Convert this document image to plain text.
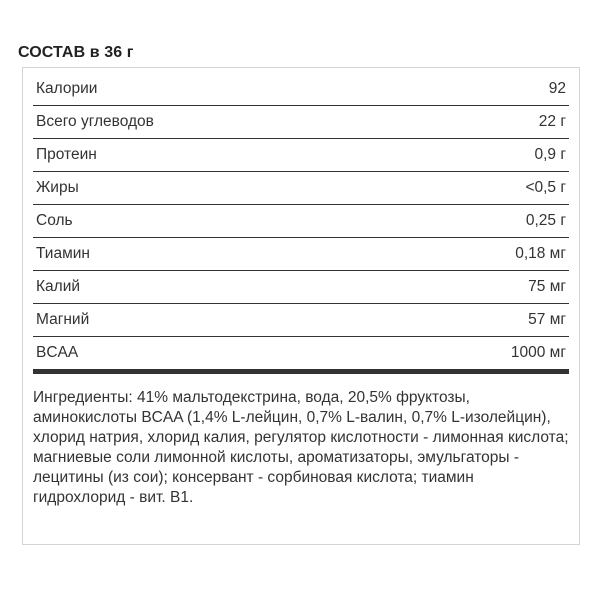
СОСТАВ в 36 г
Калории	92
Всего углеводов	22 г
Протеин	0,9 г
Жиры	<0,5 г
Соль	0,25 г
Тиамин	0,18 мг
Калий	75 мг
Магний	57 мг
BCAA	1000 мг

Ингредиенты: 41% мальтодекстрина, вода, 20,5% фруктозы, аминокислоты BCAA (1,4% L-лейцин, 0,7% L-валин, 0,7% L-изолейцин), хлорид натрия, хлорид калия, регулятор кислотности - лимонная кислота; магниевые соли лимонной кислоты, ароматизаторы, эмульгаторы - лецитины (из сои); консервант - сорбиновая кислота; тиамин гидрохлорид - вит. B1.
